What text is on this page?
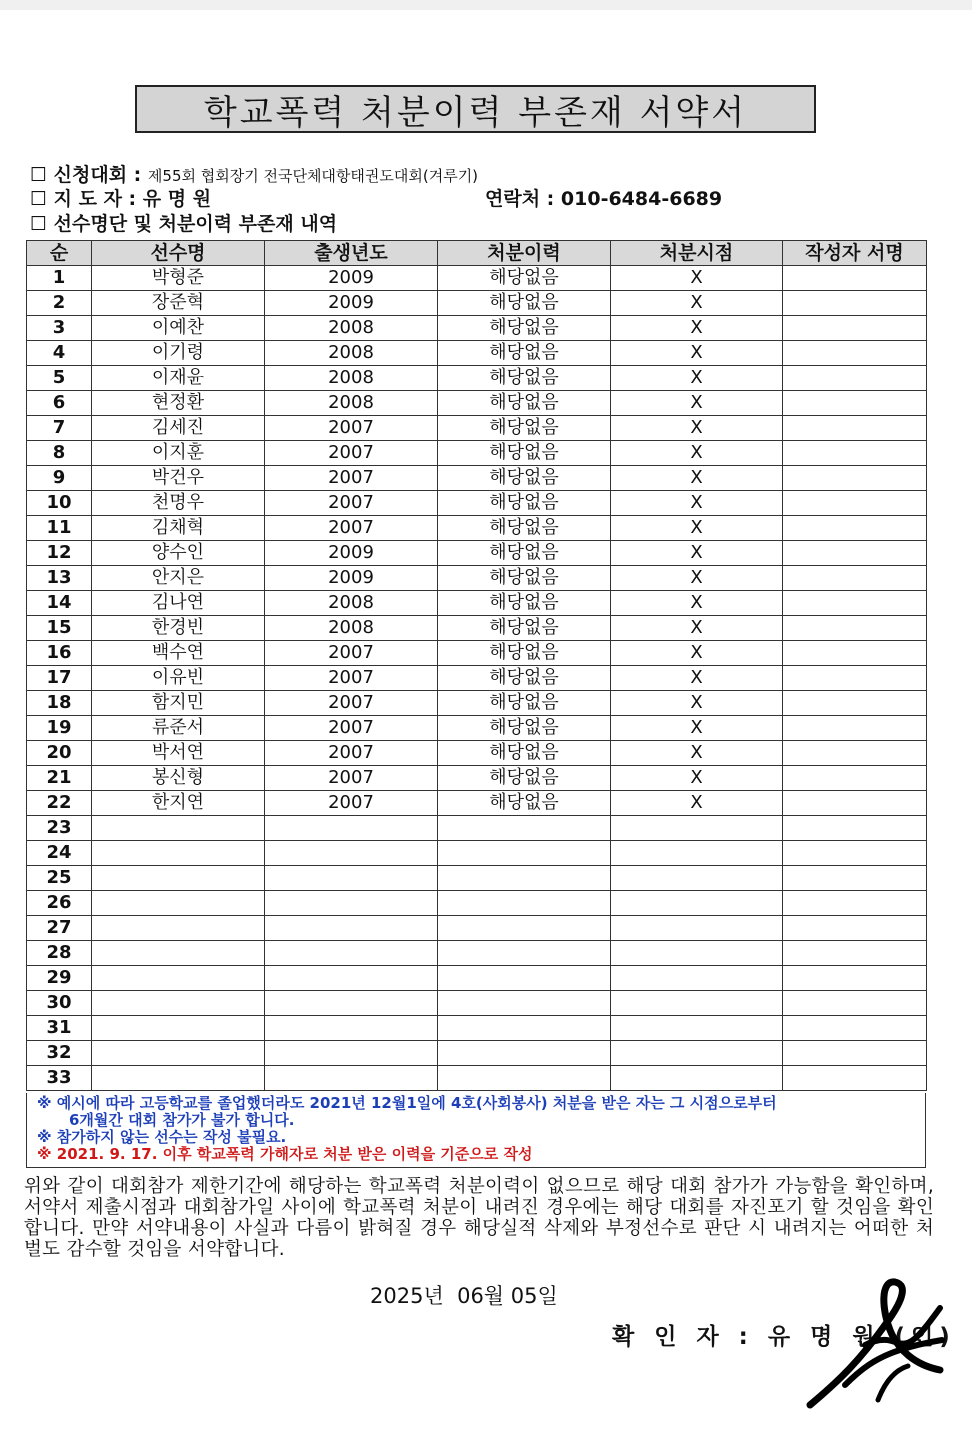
학교폭력 처분이력 부존재 서약서
☐ 신청대회 : 제55회 협회장기 전국단체대항태권도대회(겨루기)
☐ 지 도 자 : 유 명 원	연락처 : 010-6484-6689
☐ 선수명단 및 처분이력 부존재 내역
순	선수명	출생년도	처분이력	처분시점	작성자 서명
1	박형준	2009	해당없음	X	
2	장준혁	2009	해당없음	X	
3	이예찬	2008	해당없음	X	
4	이기령	2008	해당없음	X	
5	이재윤	2008	해당없음	X	
6	현정환	2008	해당없음	X	
7	김세진	2007	해당없음	X	
8	이지훈	2007	해당없음	X	
9	박건우	2007	해당없음	X	
10	천명우	2007	해당없음	X	
11	김채혁	2007	해당없음	X	
12	양수인	2009	해당없음	X	
13	안지은	2009	해당없음	X	
14	김나연	2008	해당없음	X	
15	한경빈	2008	해당없음	X	
16	백수연	2007	해당없음	X	
17	이유빈	2007	해당없음	X	
18	함지민	2007	해당없음	X	
19	류준서	2007	해당없음	X	
20	박서연	2007	해당없음	X	
21	봉신형	2007	해당없음	X	
22	한지연	2007	해당없음	X	
23					
24					
25					
26					
27					
28					
29					
30					
31					
32					
33					
※ 예시에 따라 고등학교를 졸업했더라도 2021년 12월1일에 4호(사회봉사) 처분을 받은 자는 그 시점으로부터
6개월간 대회 참가가 불가 합니다.
※ 참가하지 않는 선수는 작성 불필요.
※ 2021. 9. 17. 이후 학교폭력 가해자로 처분 받은 이력을 기준으로 작성
위와 같이 대회참가 제한기간에 해당하는 학교폭력 처분이력이 없으므로 해당 대회 참가가 가능함을 확인하며, 서약서 제출시점과 대회참가일 사이에 학교폭력 처분이 내려진 경우에는 해당 대회를 자진포기 할 것임을 확인합니다. 만약 서약내용이 사실과 다름이 밝혀질 경우 해당실적 삭제와 부정선수로 판단 시 내려지는 어떠한 처벌도 감수할 것임을 서약합니다.
2025년  06월 05일
확 인 자 : 유 명 원 (인)
